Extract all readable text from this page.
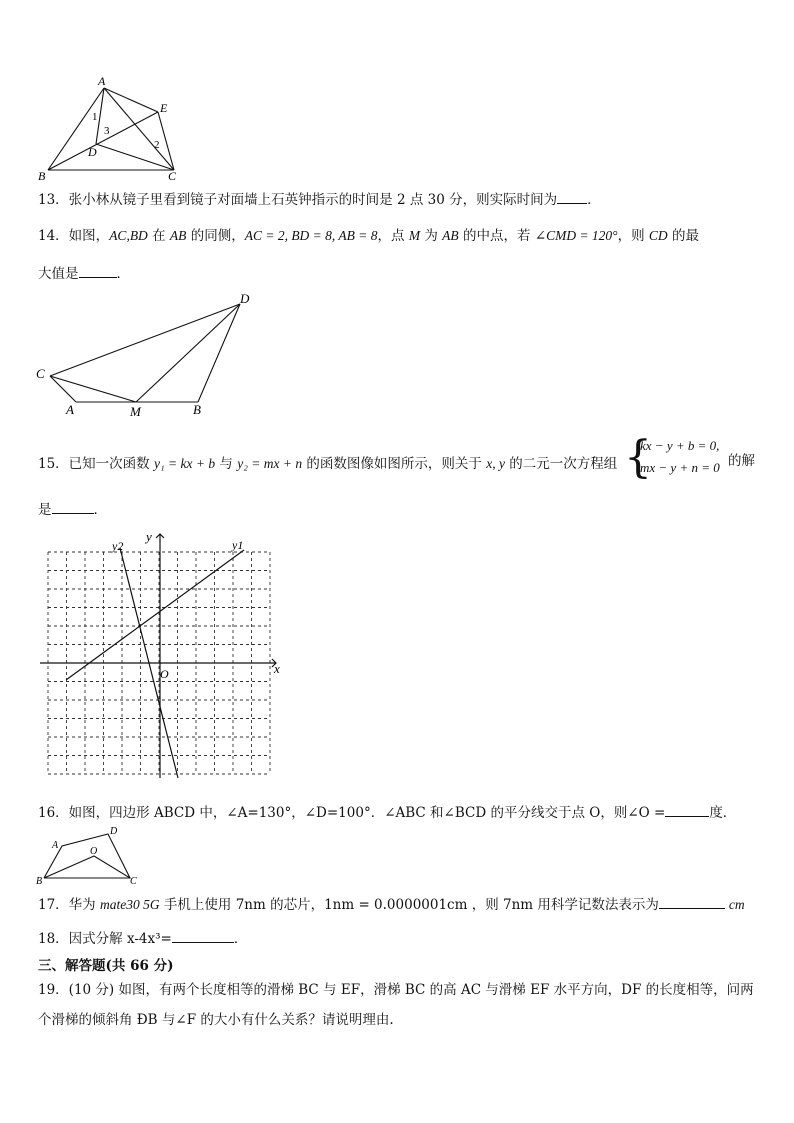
A
E
B	C
D
1
2
3
13．张小林从镜子里看到镜子对面墙上石英钟指示的时间是 2 点 30 分，则实际时间为 ．
14．如图，AC,BD 在 AB 的同侧，AC = 2, BD = 8, AB = 8，点 M 为 AB 的中点，若 ∠CMD = 120°，则 CD 的最
大值是	．
D
C
A	M	B
15．已知一次函数 y₁ = kx + b 与 y₂ = mx + n 的函数图像如图所示，则关于 x, y 的二元一次方程组 {
kx − y + b = 0,
mx − y + n = 0 的解
是	．
y
x
O
y1
y2
16．如图，四边形 ABCD 中，∠A=130°，∠D=100°．∠ABC 和∠BCD 的平分线交于点 O，则∠O =	度．
A
D
O
B	C
17．华为 mate30 5G 手机上使用 7nm 的芯片，1nm = 0.0000001cm ，则 7nm 用科学记数法表示为	cm
18．因式分解 x-4x³=	．
三、解答题(共 66 分)
19．(10 分) 如图，有两个长度相等的滑梯 BC 与 EF，滑梯 BC 的高 AC 与滑梯 EF 水平方向，DF 的长度相等，问两
个滑梯的倾斜角 ÐB 与∠F 的大小有什么关系？请说明理由.
